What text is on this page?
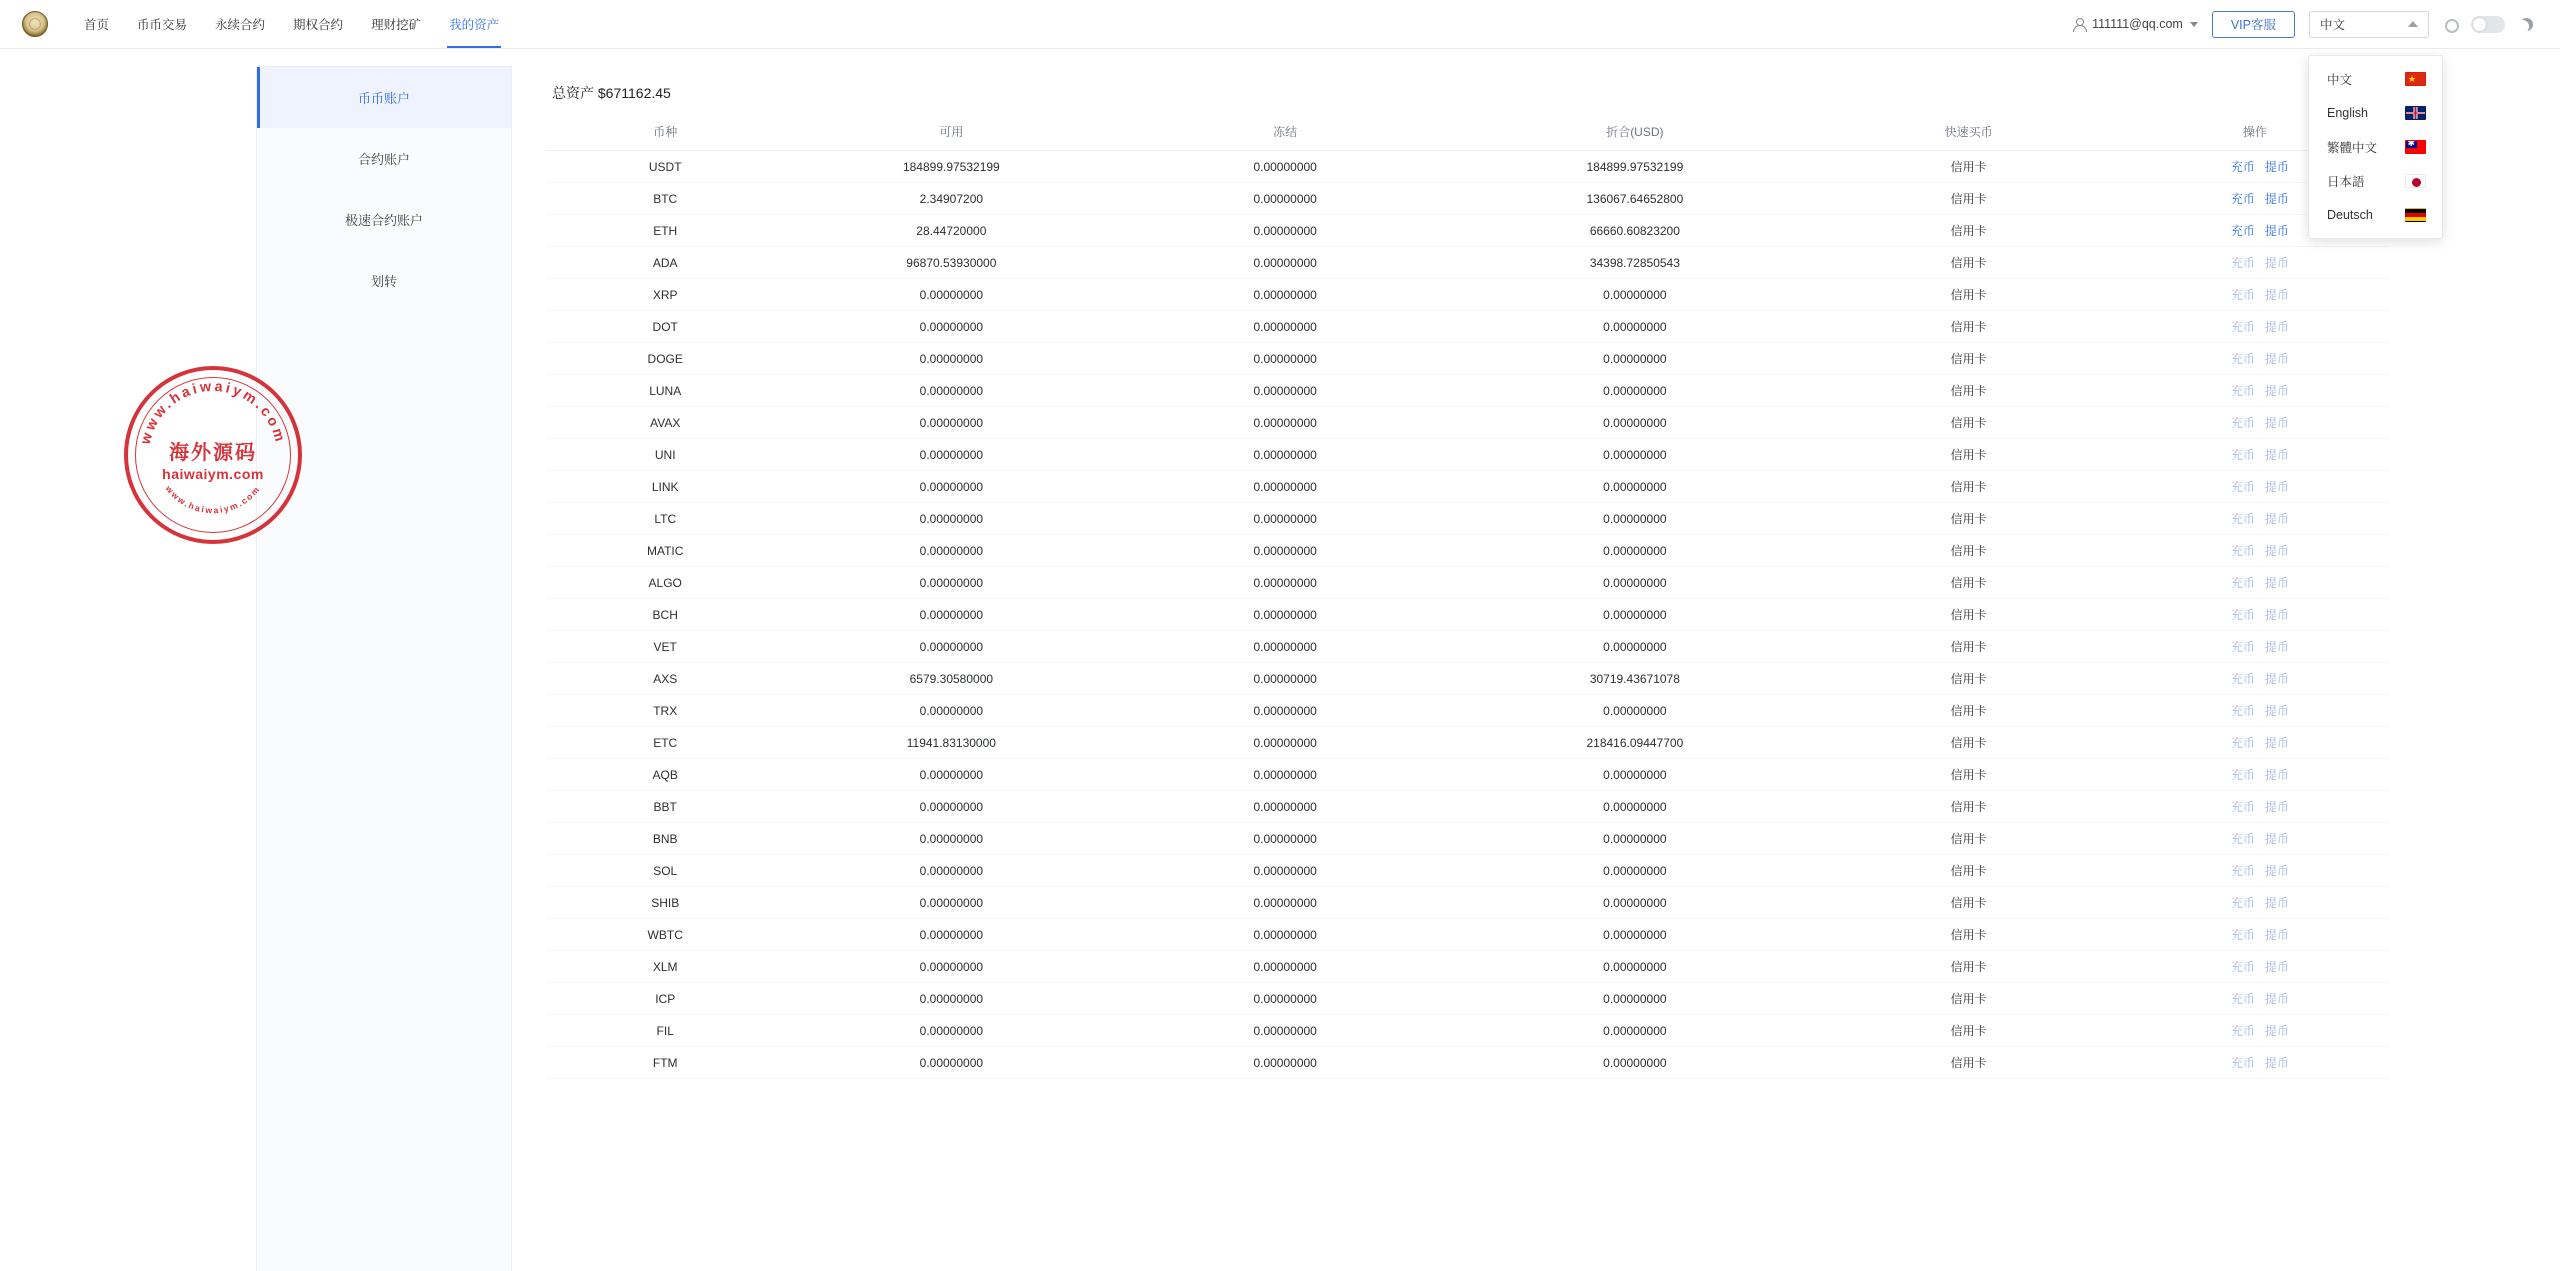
首页	币币交易	永续合约	期权合约	理财挖矿	我的资产	111111@qq.com	VIP客服	中文
中文
★
English
繁體中文
✱
日本語
Deutsch
币币账户
合约账户
极速合约账户
划转
总资产 $671162.45
币种	可用	冻结	折合(USD)	快速买币	操作
USDT	184899.97532199	0.00000000	184899.97532199	信用卡	充币 提币
BTC	2.34907200	0.00000000	136067.64652800	信用卡	充币 提币
ETH	28.44720000	0.00000000	66660.60823200	信用卡	充币 提币
ADA	96870.53930000	0.00000000	34398.72850543	信用卡	充币 提币
XRP	0.00000000	0.00000000	0.00000000	信用卡	充币 提币
DOT	0.00000000	0.00000000	0.00000000	信用卡	充币 提币
DOGE	0.00000000	0.00000000	0.00000000	信用卡	充币 提币
LUNA	0.00000000	0.00000000	0.00000000	信用卡	充币 提币
AVAX	0.00000000	0.00000000	0.00000000	信用卡	充币 提币
UNI	0.00000000	0.00000000	0.00000000	信用卡	充币 提币
LINK	0.00000000	0.00000000	0.00000000	信用卡	充币 提币
LTC	0.00000000	0.00000000	0.00000000	信用卡	充币 提币
MATIC	0.00000000	0.00000000	0.00000000	信用卡	充币 提币
ALGO	0.00000000	0.00000000	0.00000000	信用卡	充币 提币
BCH	0.00000000	0.00000000	0.00000000	信用卡	充币 提币
VET	0.00000000	0.00000000	0.00000000	信用卡	充币 提币
AXS	6579.30580000	0.00000000	30719.43671078	信用卡	充币 提币
TRX	0.00000000	0.00000000	0.00000000	信用卡	充币 提币
ETC	11941.83130000	0.00000000	218416.09447700	信用卡	充币 提币
AQB	0.00000000	0.00000000	0.00000000	信用卡	充币 提币
BBT	0.00000000	0.00000000	0.00000000	信用卡	充币 提币
BNB	0.00000000	0.00000000	0.00000000	信用卡	充币 提币
SOL	0.00000000	0.00000000	0.00000000	信用卡	充币 提币
SHIB	0.00000000	0.00000000	0.00000000	信用卡	充币 提币
WBTC	0.00000000	0.00000000	0.00000000	信用卡	充币 提币
XLM	0.00000000	0.00000000	0.00000000	信用卡	充币 提币
ICP	0.00000000	0.00000000	0.00000000	信用卡	充币 提币
FIL	0.00000000	0.00000000	0.00000000	信用卡	充币 提币
FTM	0.00000000	0.00000000	0.00000000	信用卡	充币 提币
www.haiwaiym.com
www.haiwaiym.com
海外源码
haiwaiym.com
